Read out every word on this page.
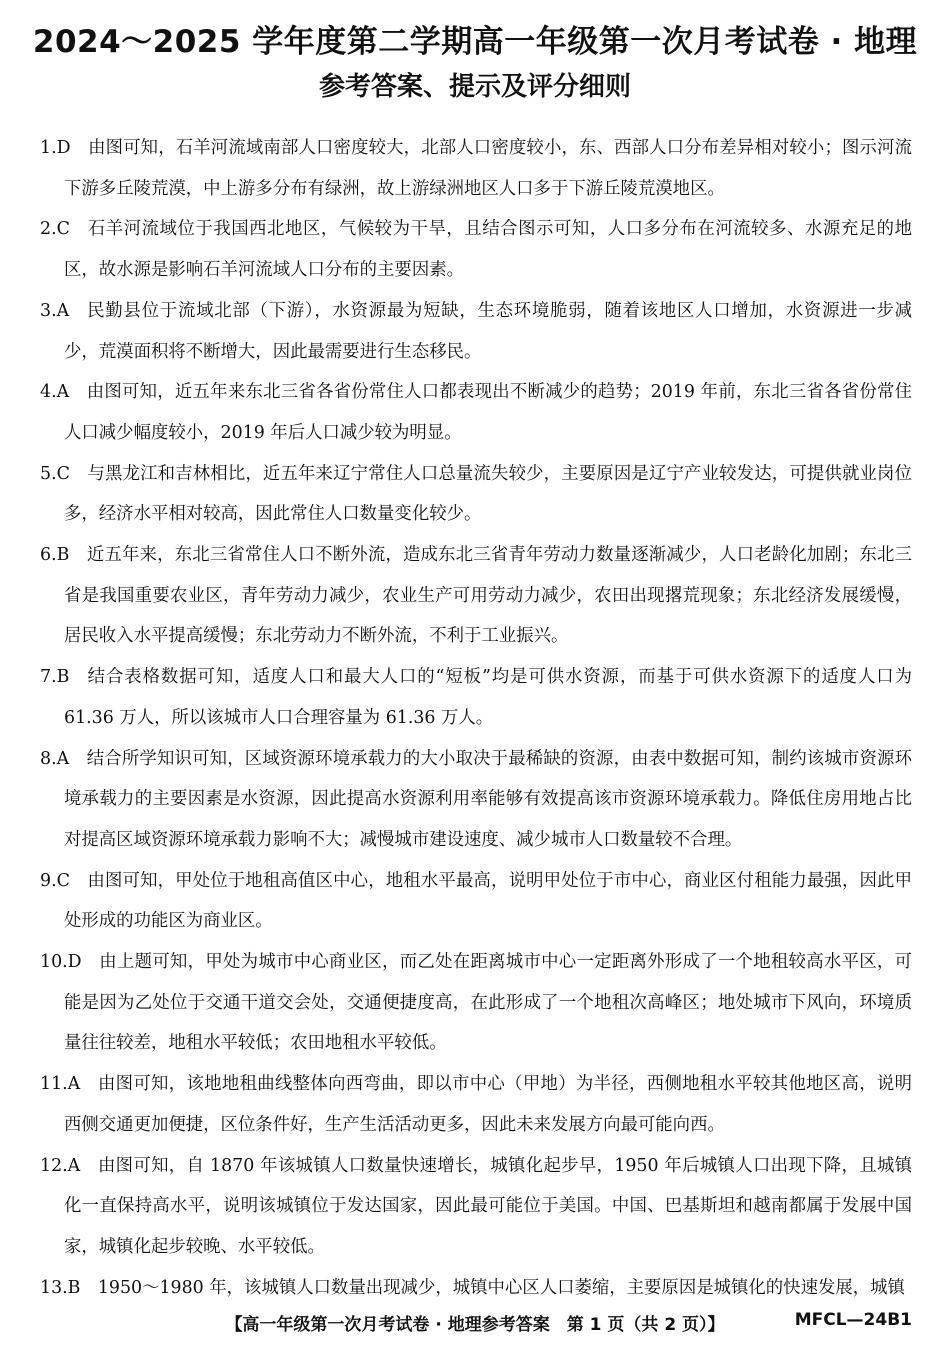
2024～2025 学年度第二学期高一年级第一次月考试卷 · 地理
参考答案、提示及评分细则
1.D   由图可知，石羊河流域南部人口密度较大，北部人口密度较小，东、西部人口分布差异相对较小；图示河流下游多丘陵荒漠，中上游多分布有绿洲，故上游绿洲地区人口多于下游丘陵荒漠地区。
2.C   石羊河流域位于我国西北地区，气候较为干旱，且结合图示可知，人口多分布在河流较多、水源充足的地区，故水源是影响石羊河流域人口分布的主要因素。
3.A   民勤县位于流域北部（下游），水资源最为短缺，生态环境脆弱，随着该地区人口增加，水资源进一步减少，荒漠面积将不断增大，因此最需要进行生态移民。
4.A   由图可知，近五年来东北三省各省份常住人口都表现出不断减少的趋势；2019 年前，东北三省各省份常住人口减少幅度较小，2019 年后人口减少较为明显。
5.C   与黑龙江和吉林相比，近五年来辽宁常住人口总量流失较少，主要原因是辽宁产业较发达，可提供就业岗位多，经济水平相对较高，因此常住人口数量变化较少。
6.B   近五年来，东北三省常住人口不断外流，造成东北三省青年劳动力数量逐渐减少，人口老龄化加剧；东北三省是我国重要农业区，青年劳动力减少，农业生产可用劳动力减少，农田出现撂荒现象；东北经济发展缓慢，居民收入水平提高缓慢；东北劳动力不断外流，不利于工业振兴。
7.B   结合表格数据可知，适度人口和最大人口的“短板”均是可供水资源，而基于可供水资源下的适度人口为 61.36 万人，所以该城市人口合理容量为 61.36 万人。
8.A   结合所学知识可知，区域资源环境承载力的大小取决于最稀缺的资源，由表中数据可知，制约该城市资源环境承载力的主要因素是水资源，因此提高水资源利用率能够有效提高该市资源环境承载力。降低住房用地占比对提高区域资源环境承载力影响不大；减慢城市建设速度、减少城市人口数量较不合理。
9.C   由图可知，甲处位于地租高值区中心，地租水平最高，说明甲处位于市中心，商业区付租能力最强，因此甲处形成的功能区为商业区。
10.D   由上题可知，甲处为城市中心商业区，而乙处在距离城市中心一定距离外形成了一个地租较高水平区，可能是因为乙处位于交通干道交会处，交通便捷度高，在此形成了一个地租次高峰区；地处城市下风向，环境质量往往较差，地租水平较低；农田地租水平较低。
11.A   由图可知，该地地租曲线整体向西弯曲，即以市中心（甲地）为半径，西侧地租水平较其他地区高，说明西侧交通更加便捷，区位条件好，生产生活活动更多，因此未来发展方向最可能向西。
12.A   由图可知，自 1870 年该城镇人口数量快速增长，城镇化起步早，1950 年后城镇人口出现下降，且城镇化一直保持高水平，说明该城镇位于发达国家，因此最可能位于美国。中国、巴基斯坦和越南都属于发展中国家，城镇化起步较晚、水平较低。
13.B   1950～1980 年，该城镇人口数量出现减少，城镇中心区人口萎缩，主要原因是城镇化的快速发展，城镇
【高一年级第一次月考试卷 · 地理参考答案　第 1 页（共 2 页）】	MFCL—24B1
